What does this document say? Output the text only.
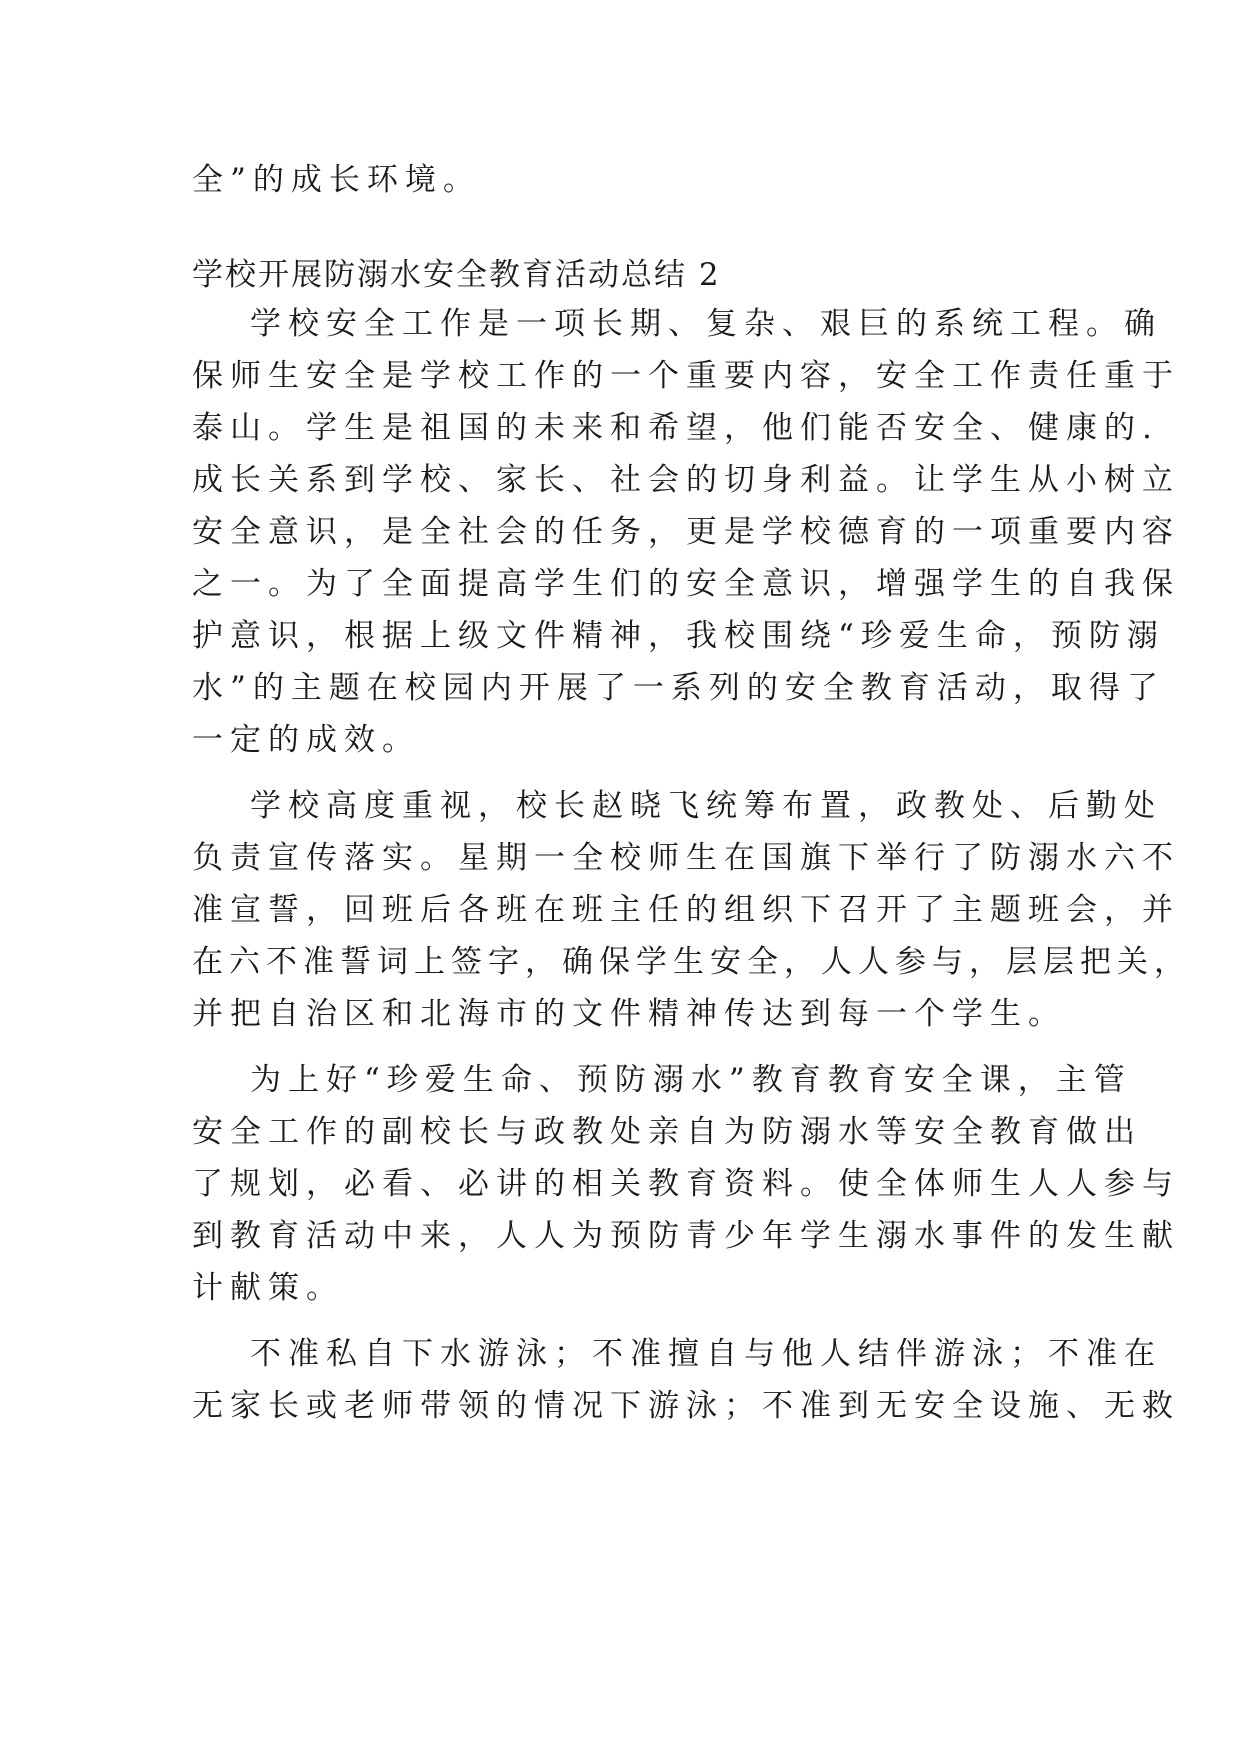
全”的成长环境。
学校开展防溺水安全教育活动总结 2
学校安全工作是一项长期、复杂、艰巨的系统工程。确
保师生安全是学校工作的一个重要内容，安全工作责任重于
泰山。学生是祖国的未来和希望，他们能否安全、健康的.
成长关系到学校、家长、社会的切身利益。让学生从小树立
安全意识，是全社会的任务，更是学校德育的一项重要内容
之一。为了全面提高学生们的安全意识，增强学生的自我保
护意识，根据上级文件精神，我校围绕“珍爱生命，预防溺
水”的主题在校园内开展了一系列的安全教育活动，取得了
一定的成效。
学校高度重视，校长赵晓飞统筹布置，政教处、后勤处
负责宣传落实。星期一全校师生在国旗下举行了防溺水六不
准宣誓，回班后各班在班主任的组织下召开了主题班会，并
在六不准誓词上签字，确保学生安全，人人参与，层层把关，
并把自治区和北海市的文件精神传达到每一个学生。
为上好“珍爱生命、预防溺水”教育教育安全课，主管
安全工作的副校长与政教处亲自为防溺水等安全教育做出
了规划，必看、必讲的相关教育资料。使全体师生人人参与
到教育活动中来，人人为预防青少年学生溺水事件的发生献
计献策。
不准私自下水游泳；不准擅自与他人结伴游泳；不准在
无家长或老师带领的情况下游泳；不准到无安全设施、无救
